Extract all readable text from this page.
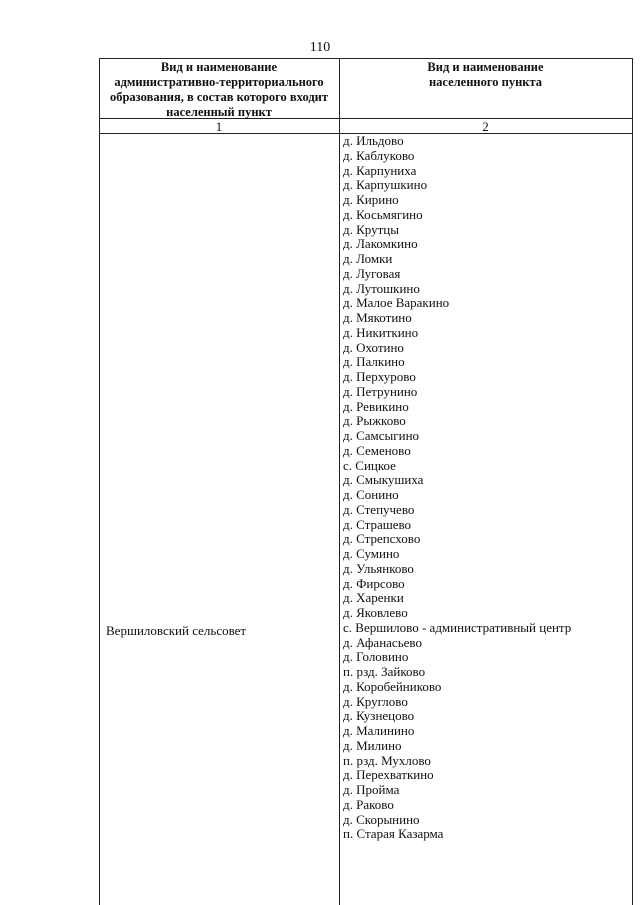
110
Вид и наименование
административно-территориального
образования, в состав которого входит
населенный пункт
Вид и наименование
населенного пункта
1	2
Вершиловский сельсовет
д. Ильдово
д. Каблуково
д. Карпуниха
д. Карпушкино
д. Кирино
д. Косьмягино
д. Крутцы
д. Лакомкино
д. Ломки
д. Луговая
д. Лутошкино
д. Малое Варакино
д. Мякотино
д. Никиткино
д. Охотино
д. Палкино
д. Перхурово
д. Петрунино
д. Ревикино
д. Рыжково
д. Самсыгино
д. Семеново
с. Сицкое
д. Смыкушиха
д. Сонино
д. Степучево
д. Страшево
д. Стрепсхово
д. Сумино
д. Ульянково
д. Фирсово
д. Харенки
д. Яковлево
с. Вершилово - административный центр
д. Афанасьево
д. Головино
п. рзд. Зайково
д. Коробейниково
д. Круглово
д. Кузнецово
д. Малинино
д. Милино
п. рзд. Мухлово
д. Перехваткино
д. Пройма
д. Раково
д. Скорынино
п. Старая Казарма
